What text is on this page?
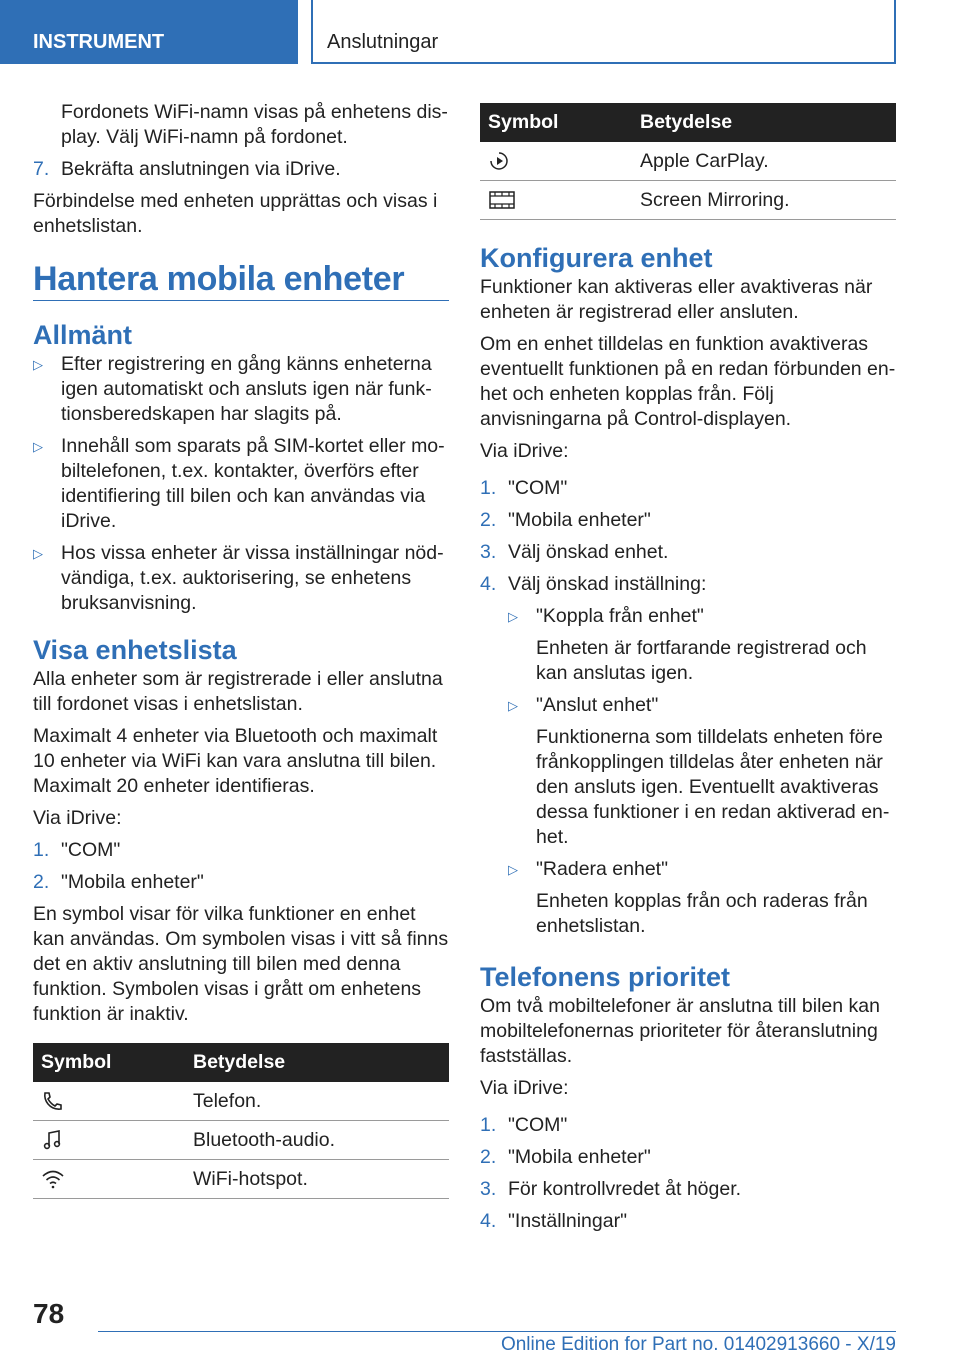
INSTRUMENT	Anslutningar

Fordonets WiFi-namn visas på enhetens display. Välj WiFi-namn på fordonet.

7. Bekräfta anslutningen via iDrive.

Förbindelse med enheten upprättas och visas i enhetslistan.

Hantera mobila enheter
Allmänt
▷ Efter registrering en gång känns enheterna igen automatiskt och ansluts igen när funktionsberedskapen har slagits på.
▷ Innehåll som sparats på SIM-kortet eller mobiltelefonen, t.ex. kontakter, överförs efter identifiering till bilen och kan användas via iDrive.
▷ Hos vissa enheter är vissa inställningar nödvändiga, t.ex. auktorisering, se enhetens bruksanvisning.
Visa enhetslista

Alla enheter som är registrerade i eller anslutna till fordonet visas i enhetslistan.

Maximalt 4 enheter via Bluetooth och maximalt 10 enheter via WiFi kan vara anslutna till bilen. Maximalt 20 enheter identifieras.

Via iDrive:

1. "COM"
2. "Mobila enheter"

En symbol visar för vilka funktioner en enhet kan användas. Om symbolen visas i vitt så finns det en aktiv anslutning till bilen med denna funktion. Symbolen visas i grått om enhetens funktion är inaktiv.

Symbol	Betydelse

	Telefon.

	Bluetooth-audio.

	WiFi-hotspot.
Symbol	Betydelse

	Apple CarPlay.

	Screen Mirroring.
Konfigurera enhet

Funktioner kan aktiveras eller avaktiveras när enheten är registrerad eller ansluten.

Om en enhet tilldelas en funktion avaktiveras eventuellt funktionen på en redan förbunden enhet och enheten kopplas från. Följ anvisningarna på Control-displayen.

Via iDrive:

1. "COM"
2. "Mobila enheter"
3. Välj önskad enhet.
4. Välj önskad inställning:
▷ "Koppla från enhet"
Enheten är fortfarande registrerad och kan anslutas igen.
▷ "Anslut enhet"
Funktionerna som tilldelats enheten före frånkopplingen tilldelas åter enheten när den ansluts igen. Eventuellt avaktiveras dessa funktioner i en redan aktiverad enhet.
▷ "Radera enhet"
Enheten kopplas från och raderas från enhetslistan.
Telefonens prioritet

Om två mobiltelefoner är anslutna till bilen kan mobiltelefonernas prioriteter för återanslutning fastställas.

Via iDrive:

1. "COM"
2. "Mobila enheter"
3. För kontrollvredet åt höger.
4. "Inställningar"
78
Online Edition for Part no. 01402913660 - X/19
